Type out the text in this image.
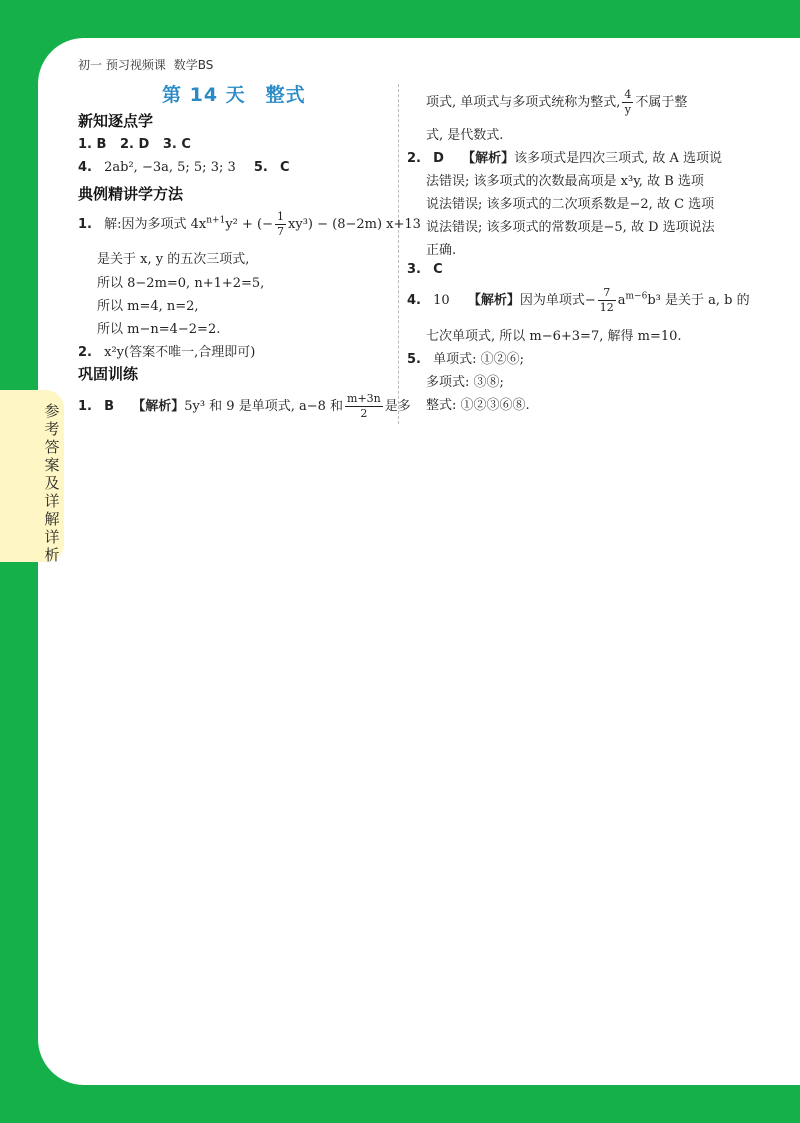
参考答案及详解详析
初一 预习视频课 数学BS
第 14 天 整式
新知逐点学
1. B   2. D   3. C
4. 2ab², −3a, 5; 5; 3; 3 5. C
典例精讲学方法
1. 解:因为多项式 $4x^{n+1}y^2$ + (− $\frac{1}{7} xy^3) - (8-2m)$ x+13
是关于 x, y 的五次三项式,
所以 8−2m=0, n+1+2=5,
所以 m=4, n=2,
所以 m−n=4−2=2.
2. x²y(答案不唯一,合理即可)
巩固训练
1. B 【解析】5y³ 和 9 是单项式, a−8 和 $\frac{m+3n}{2}$ 是多
项式, 单项式与多项式统称为整式, $\frac{4}{y}$ 不属于整
式, 是代数式.
2. D 【解析】该多项式是四次三项式, 故 A 选项说
法错误; 该多项式的次数最高项是 x³y, 故 B 选项
说法错误; 该多项式的二次项系数是−2, 故 C 选项
说法错误; 该多项式的常数项是−5, 故 D 选项说法
正确.
3. C
4. 10 【解析】因为单项式− $\frac{7}{12} a^{m-6}b^3$ 是关于 a, b 的
七次单项式, 所以 m−6+3=7, 解得 m=10.
5. 单项式: ①②⑥;
多项式: ③⑧;
整式: ①②③⑥⑧.
